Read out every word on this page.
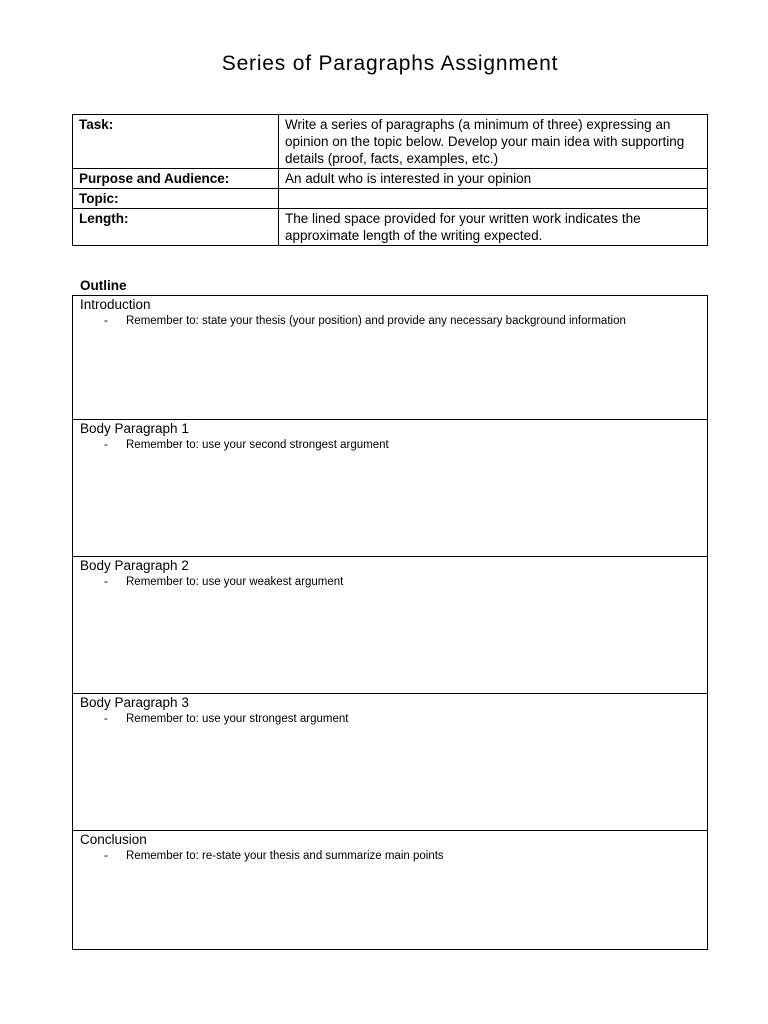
Series of Paragraphs Assignment
Task:	Write a series of paragraphs (a minimum of three) expressing an opinion on the topic below. Develop your main idea with supporting details (proof, facts, examples, etc.)
Purpose and Audience:	An adult who is interested in your opinion
Topic:	
Length:	The lined space provided for your written work indicates the approximate length of the writing expected.
Outline
Introduction
- Remember to: state your thesis (your position) and provide any necessary background information
Body Paragraph 1
- Remember to: use your second strongest argument
Body Paragraph 2
- Remember to: use your weakest argument
Body Paragraph 3
- Remember to: use your strongest argument
Conclusion
- Remember to: re-state your thesis and summarize main points
